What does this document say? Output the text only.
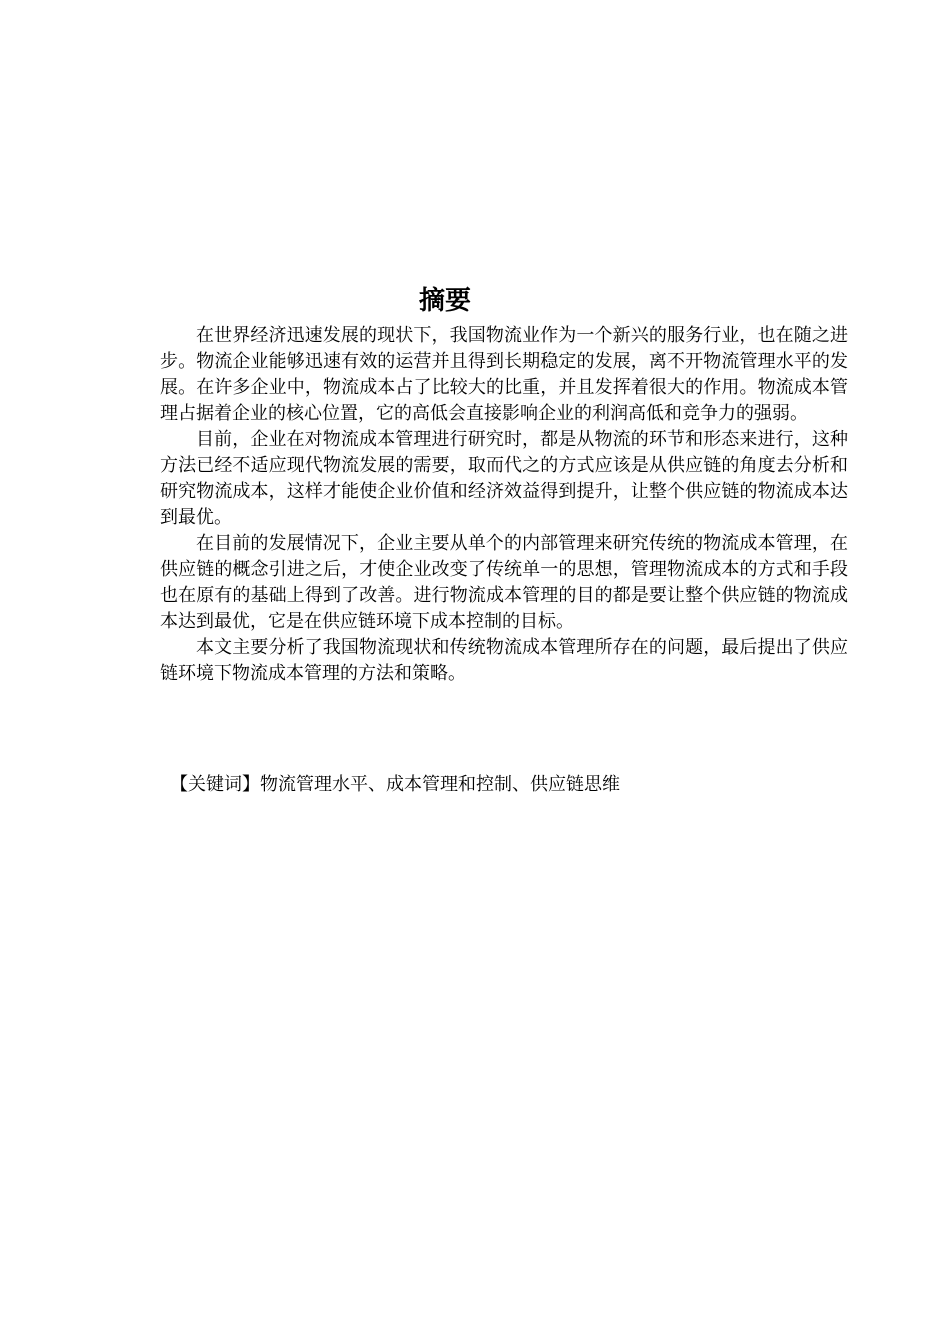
摘要

在世界经济迅速发展的现状下，我国物流业作为一个新兴的服务行业，也在随之进步。物流企业能够迅速有效的运营并且得到长期稳定的发展，离不开物流管理水平的发展。在许多企业中，物流成本占了比较大的比重，并且发挥着很大的作用。物流成本管理占据着企业的核心位置，它的高低会直接影响企业的利润高低和竞争力的强弱。

目前，企业在对物流成本管理进行研究时，都是从物流的环节和形态来进行，这种方法已经不适应现代物流发展的需要，取而代之的方式应该是从供应链的角度去分析和研究物流成本，这样才能使企业价值和经济效益得到提升，让整个供应链的物流成本达到最优。

在目前的发展情况下，企业主要从单个的内部管理来研究传统的物流成本管理，在供应链的概念引进之后，才使企业改变了传统单一的思想，管理物流成本的方式和手段也在原有的基础上得到了改善。进行物流成本管理的目的都是要让整个供应链的物流成本达到最优，它是在供应链环境下成本控制的目标。

本文主要分析了我国物流现状和传统物流成本管理所存在的问题，最后提出了供应链环境下物流成本管理的方法和策略。

【关键词】物流管理水平、成本管理和控制、供应链思维
